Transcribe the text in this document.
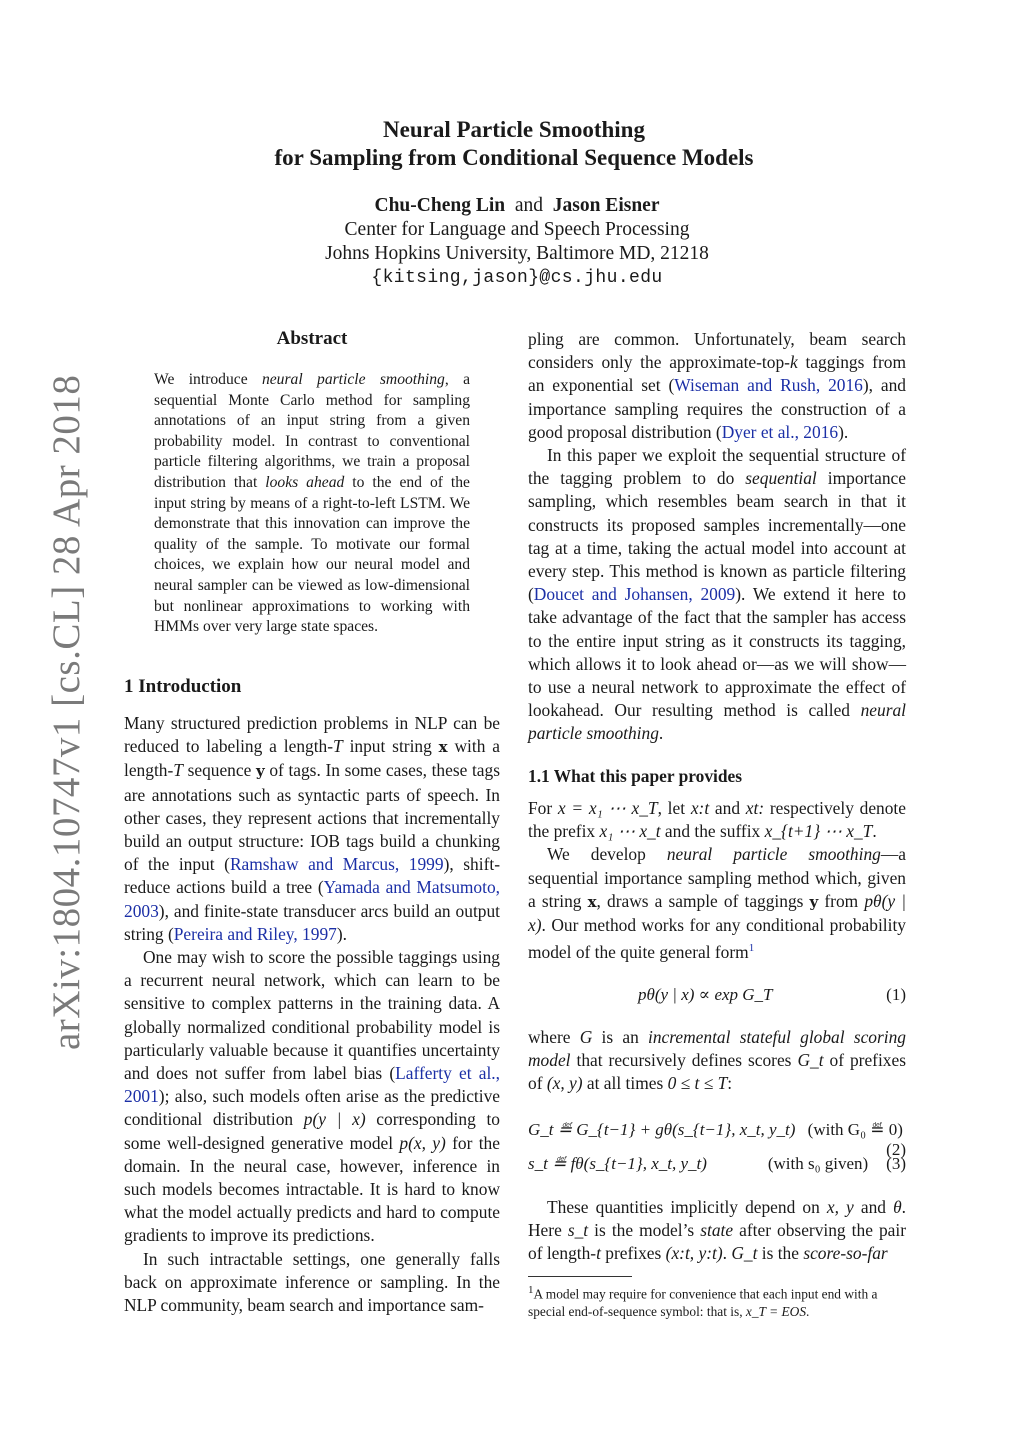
arXiv:1804.10747v1 [cs.CL] 28 Apr 2018
Neural Particle Smoothing
for Sampling from Conditional Sequence Models
Chu-Cheng Lin and Jason Eisner
Center for Language and Speech Processing
Johns Hopkins University, Baltimore MD, 21218
{kitsing,jason}@cs.jhu.edu
Abstract
We introduce neural particle smoothing, a sequential Monte Carlo method for sampling annotations of an input string from a given probability model. In contrast to conventional particle filtering algorithms, we train a proposal distribution that looks ahead to the end of the input string by means of a right-to-left LSTM. We demonstrate that this innovation can improve the quality of the sample. To motivate our formal choices, we explain how our neural model and neural sampler can be viewed as low-dimensional but nonlinear approximations to working with HMMs over very large state spaces.
1 Introduction

Many structured prediction problems in NLP can be reduced to labeling a length-T input string x with a length-T sequence y of tags. In some cases, these tags are annotations such as syntactic parts of speech. In other cases, they represent actions that incrementally build an output structure: IOB tags build a chunking of the input (Ramshaw and Marcus, 1999), shift-reduce actions build a tree (Yamada and Matsumoto, 2003), and finite-state transducer arcs build an output string (Pereira and Riley, 1997).

One may wish to score the possible taggings using a recurrent neural network, which can learn to be sensitive to complex patterns in the training data. A globally normalized conditional probability model is particularly valuable because it quantifies uncertainty and does not suffer from label bias (Lafferty et al., 2001); also, such models often arise as the predictive conditional distribution p(y | x) corresponding to some well-designed generative model p(x, y) for the domain. In the neural case, however, inference in such models becomes intractable. It is hard to know what the model actually predicts and hard to compute gradients to improve its predictions.

In such intractable settings, one generally falls back on approximate inference or sampling. In the NLP community, beam search and importance sam-

pling are common. Unfortunately, beam search considers only the approximate-top-k taggings from an exponential set (Wiseman and Rush, 2016), and importance sampling requires the construction of a good proposal distribution (Dyer et al., 2016).

In this paper we exploit the sequential structure of the tagging problem to do sequential importance sampling, which resembles beam search in that it constructs its proposed samples incrementally—one tag at a time, taking the actual model into account at every step. This method is known as particle filtering (Doucet and Johansen, 2009). We extend it here to take advantage of the fact that the sampler has access to the entire input string as it constructs its tagging, which allows it to look ahead or—as we will show—to use a neural network to approximate the effect of lookahead. Our resulting method is called neural particle smoothing.

1.1 What this paper provides

For x = x₁ ⋯ x_T, let x:t and xt: respectively denote the prefix x₁ ⋯ x_t and the suffix x_{t+1} ⋯ x_T.

We develop neural particle smoothing—a sequential importance sampling method which, given a string x, draws a sample of taggings y from pθ(y | x). Our method works for any conditional probability model of the quite general form$^1$

pθ(y | x) ∝ exp G_T	(1)

where G is an incremental stateful global scoring model that recursively defines scores G_t of prefixes of (x, y) at all times 0 ≤ t ≤ T:

G_t ≝ G_{t−1} + gθ(s_{t−1}, x_t, y_t) (with G₀ ≝ 0)
(2)
s_t ≝ fθ(s_{t−1}, x_t, y_t)	(3)
(with s₀ given)

These quantities implicitly depend on x, y and θ. Here s_t is the model’s state after observing the pair of length-t prefixes (x:t, y:t). G_t is the score-so-far

$^1$A model may require for convenience that each input end with a special end-of-sequence symbol: that is, x_T = EOS.
